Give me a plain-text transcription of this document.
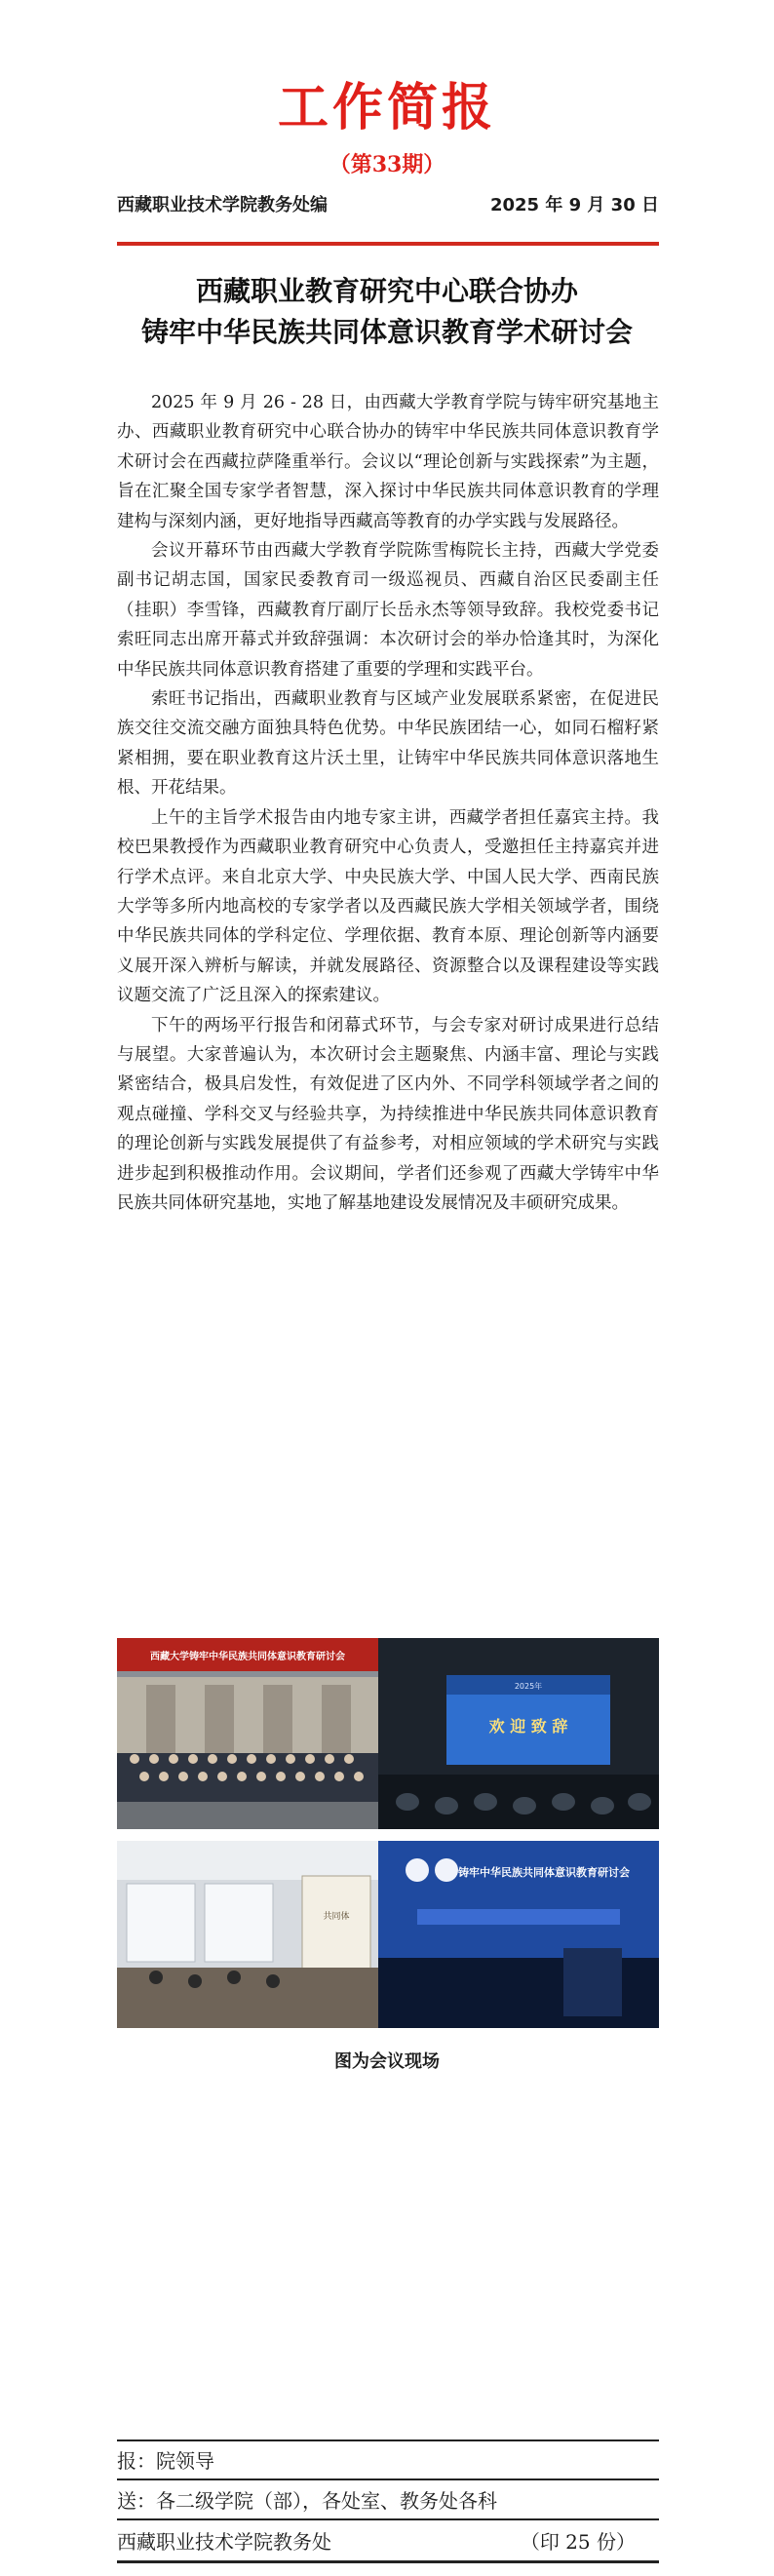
工作简报
（第33期）
西藏职业技术学院教务处编	2025 年 9 月 30 日
西藏职业教育研究中心联合协办
铸牢中华民族共同体意识教育学术研讨会

2025 年 9 月 26 - 28 日，由西藏大学教育学院与铸牢研究基地主办、西藏职业教育研究中心联合协办的铸牢中华民族共同体意识教育学术研讨会在西藏拉萨隆重举行。会议以“理论创新与实践探索”为主题，旨在汇聚全国专家学者智慧，深入探讨中华民族共同体意识教育的学理建构与深刻内涵，更好地指导西藏高等教育的办学实践与发展路径。

会议开幕环节由西藏大学教育学院陈雪梅院长主持，西藏大学党委副书记胡志国，国家民委教育司一级巡视员、西藏自治区民委副主任（挂职）李雪锋，西藏教育厅副厅长岳永杰等领导致辞。我校党委书记索旺同志出席开幕式并致辞强调：本次研讨会的举办恰逢其时，为深化中华民族共同体意识教育搭建了重要的学理和实践平台。

索旺书记指出，西藏职业教育与区域产业发展联系紧密，在促进民族交往交流交融方面独具特色优势。中华民族团结一心，如同石榴籽紧紧相拥，要在职业教育这片沃土里，让铸牢中华民族共同体意识落地生根、开花结果。

上午的主旨学术报告由内地专家主讲，西藏学者担任嘉宾主持。我校巴果教授作为西藏职业教育研究中心负责人，受邀担任主持嘉宾并进行学术点评。来自北京大学、中央民族大学、中国人民大学、西南民族大学等多所内地高校的专家学者以及西藏民族大学相关领域学者，围绕中华民族共同体的学科定位、学理依据、教育本原、理论创新等内涵要义展开深入辨析与解读，并就发展路径、资源整合以及课程建设等实践议题交流了广泛且深入的探索建议。

下午的两场平行报告和闭幕式环节，与会专家对研讨成果进行总结与展望。大家普遍认为，本次研讨会主题聚焦、内涵丰富、理论与实践紧密结合，极具启发性，有效促进了区内外、不同学科领域学者之间的观点碰撞、学科交叉与经验共享，为持续推进中华民族共同体意识教育的理论创新与实践发展提供了有益参考，对相应领域的学术研究与实践进步起到积极推动作用。会议期间，学者们还参观了西藏大学铸牢中华民族共同体研究基地，实地了解基地建设发展情况及丰硕研究成果。

西藏大学铸牢中华民族共同体意识教育研讨会
2025年
欢 迎 致 辞
共同体
铸牢中华民族共同体意识教育研讨会
图为会议现场
报：院领导
送：各二级学院（部），各处室、教务处各科
西藏职业技术学院教务处	（印 25 份）
